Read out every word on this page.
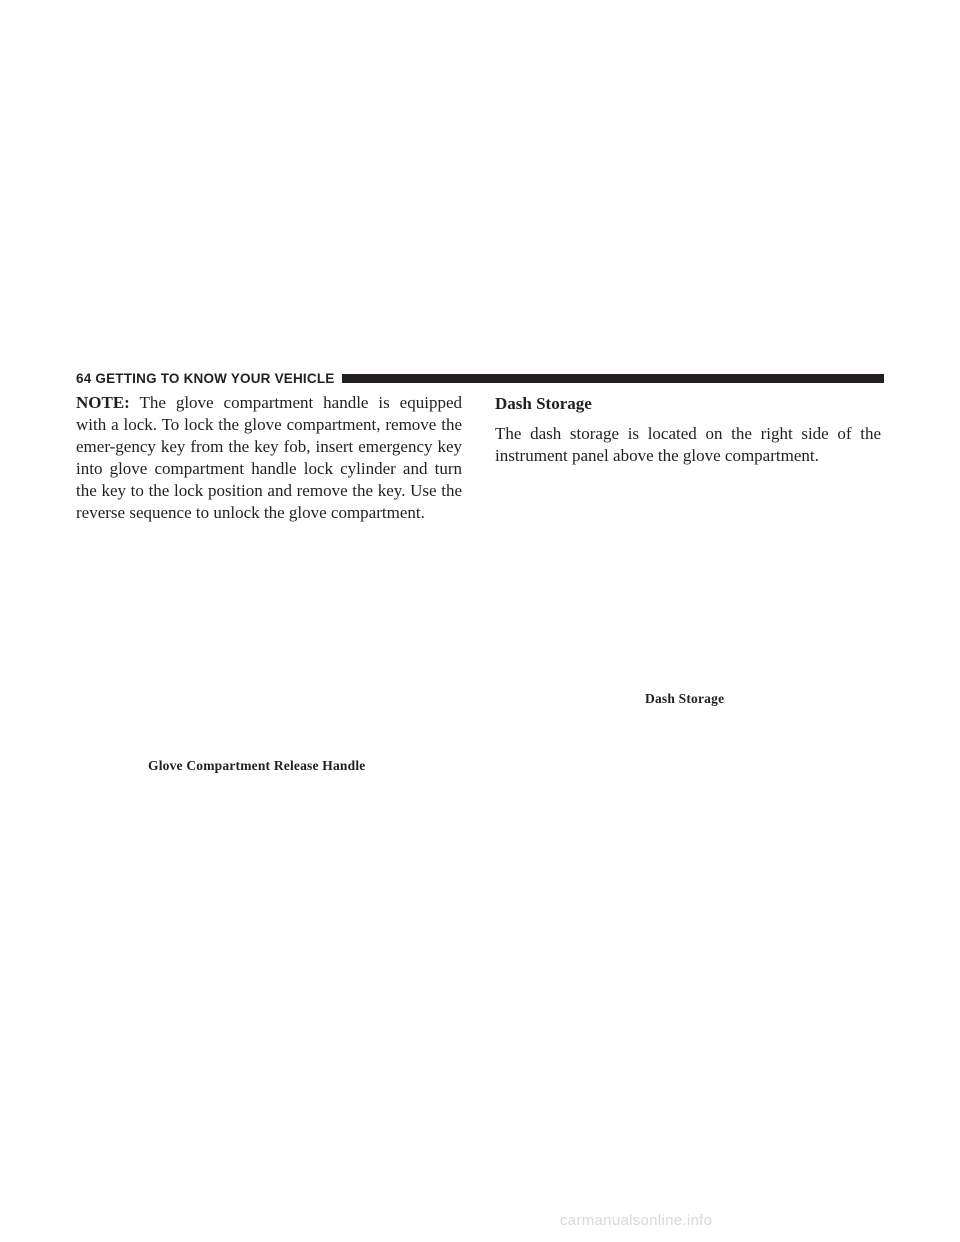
64 GETTING TO KNOW YOUR VEHICLE

NOTE: The glove compartment handle is equipped with a lock. To lock the glove compartment, remove the emer-gency key from the key fob, insert emergency key into glove compartment handle lock cylinder and turn the key to the lock position and remove the key. Use the reverse sequence to unlock the glove compartment.

Dash Storage

The dash storage is located on the right side of the instrument panel above the glove compartment.

Glove Compartment Release Handle
Dash Storage
carmanualsonline.info
